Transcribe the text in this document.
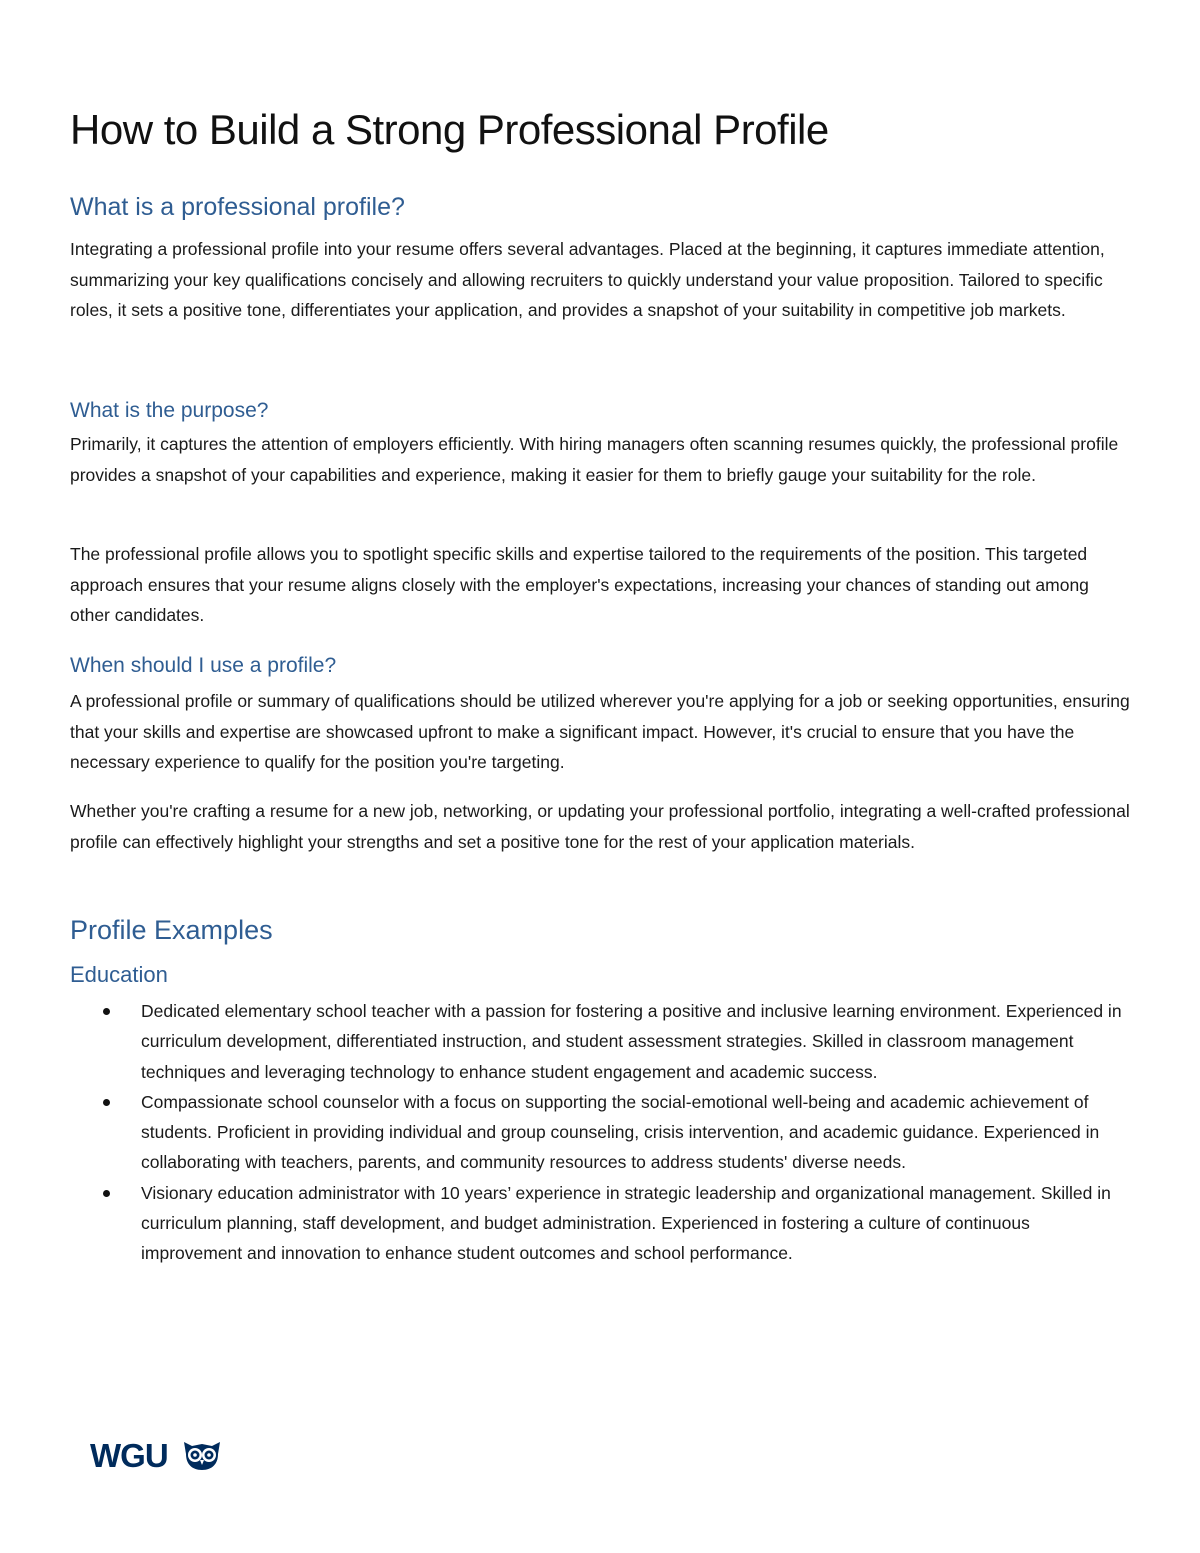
How to Build a Strong Professional Profile
What is a professional profile?

Integrating a professional profile into your resume offers several advantages. Placed at the beginning, it captures immediate attention, summarizing your key qualifications concisely and allowing recruiters to quickly understand your value proposition. Tailored to specific roles, it sets a positive tone, differentiates your application, and provides a snapshot of your suitability in competitive job markets.

What is the purpose?

Primarily, it captures the attention of employers efficiently. With hiring managers often scanning resumes quickly, the professional profile provides a snapshot of your capabilities and experience, making it easier for them to briefly gauge your suitability for the role.

The professional profile allows you to spotlight specific skills and expertise tailored to the requirements of the position. This targeted approach ensures that your resume aligns closely with the employer's expectations, increasing your chances of standing out among other candidates.

When should I use a profile?

A professional profile or summary of qualifications should be utilized wherever you're applying for a job or seeking opportunities, ensuring that your skills and expertise are showcased upfront to make a significant impact. However, it's crucial to ensure that you have the necessary experience to qualify for the position you're targeting.

Whether you're crafting a resume for a new job, networking, or updating your professional portfolio, integrating a well-crafted professional profile can effectively highlight your strengths and set a positive tone for the rest of your application materials.

Profile Examples
Education
Dedicated elementary school teacher with a passion for fostering a positive and inclusive learning environment. Experienced in curriculum development, differentiated instruction, and student assessment strategies. Skilled in classroom management techniques and leveraging technology to enhance student engagement and academic success.
Compassionate school counselor with a focus on supporting the social-emotional well-being and academic achievement of students. Proficient in providing individual and group counseling, crisis intervention, and academic guidance. Experienced in collaborating with teachers, parents, and community resources to address students' diverse needs.
Visionary education administrator with 10 years’ experience in strategic leadership and organizational management. Skilled in curriculum planning, staff development, and budget administration. Experienced in fostering a culture of continuous improvement and innovation to enhance student outcomes and school performance.
WGU
